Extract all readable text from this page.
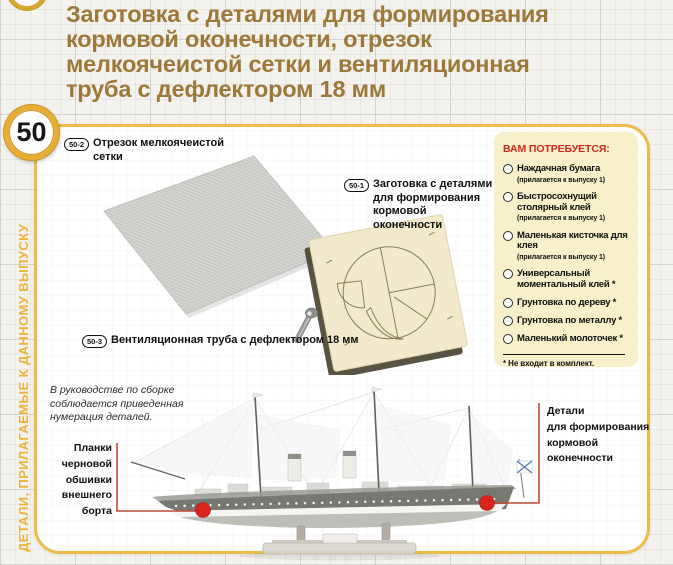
Заготовка с деталями для формирования
кормовой оконечности, отрезок
мелкоячеистой сетки и вентиляционная
труба с дефлектором 18 мм
50
ДЕТАЛИ, ПРИЛАГАЕМЫЕ К ДАННОМУ ВЫПУСКУ
50-2 Отрезок мелкоячеистой сетки
50-1 Заготовка с деталями для формирования кормовой оконечности
50-3 Вентиляционная труба с дефлектором 18 мм
ВАМ ПОТРЕБУЕТСЯ:
Наждачная бумага
(прилагается к выпуску 1)
Быстросохнущий столярный клей
(прилагается к выпуску 1)
Маленькая кисточка для клея
(прилагается к выпуску 1)
Универсальный моментальный клей *
Грунтовка по дереву *
Грунтовка по металлу *
Маленький молоточек *
* Не входит в комплект.
В руководстве по сборке
соблюдается приведенная
нумерация деталей.
Планки
черновой
обшивки
внешнего
борта
Детали
для формирования
кормовой
оконечности
